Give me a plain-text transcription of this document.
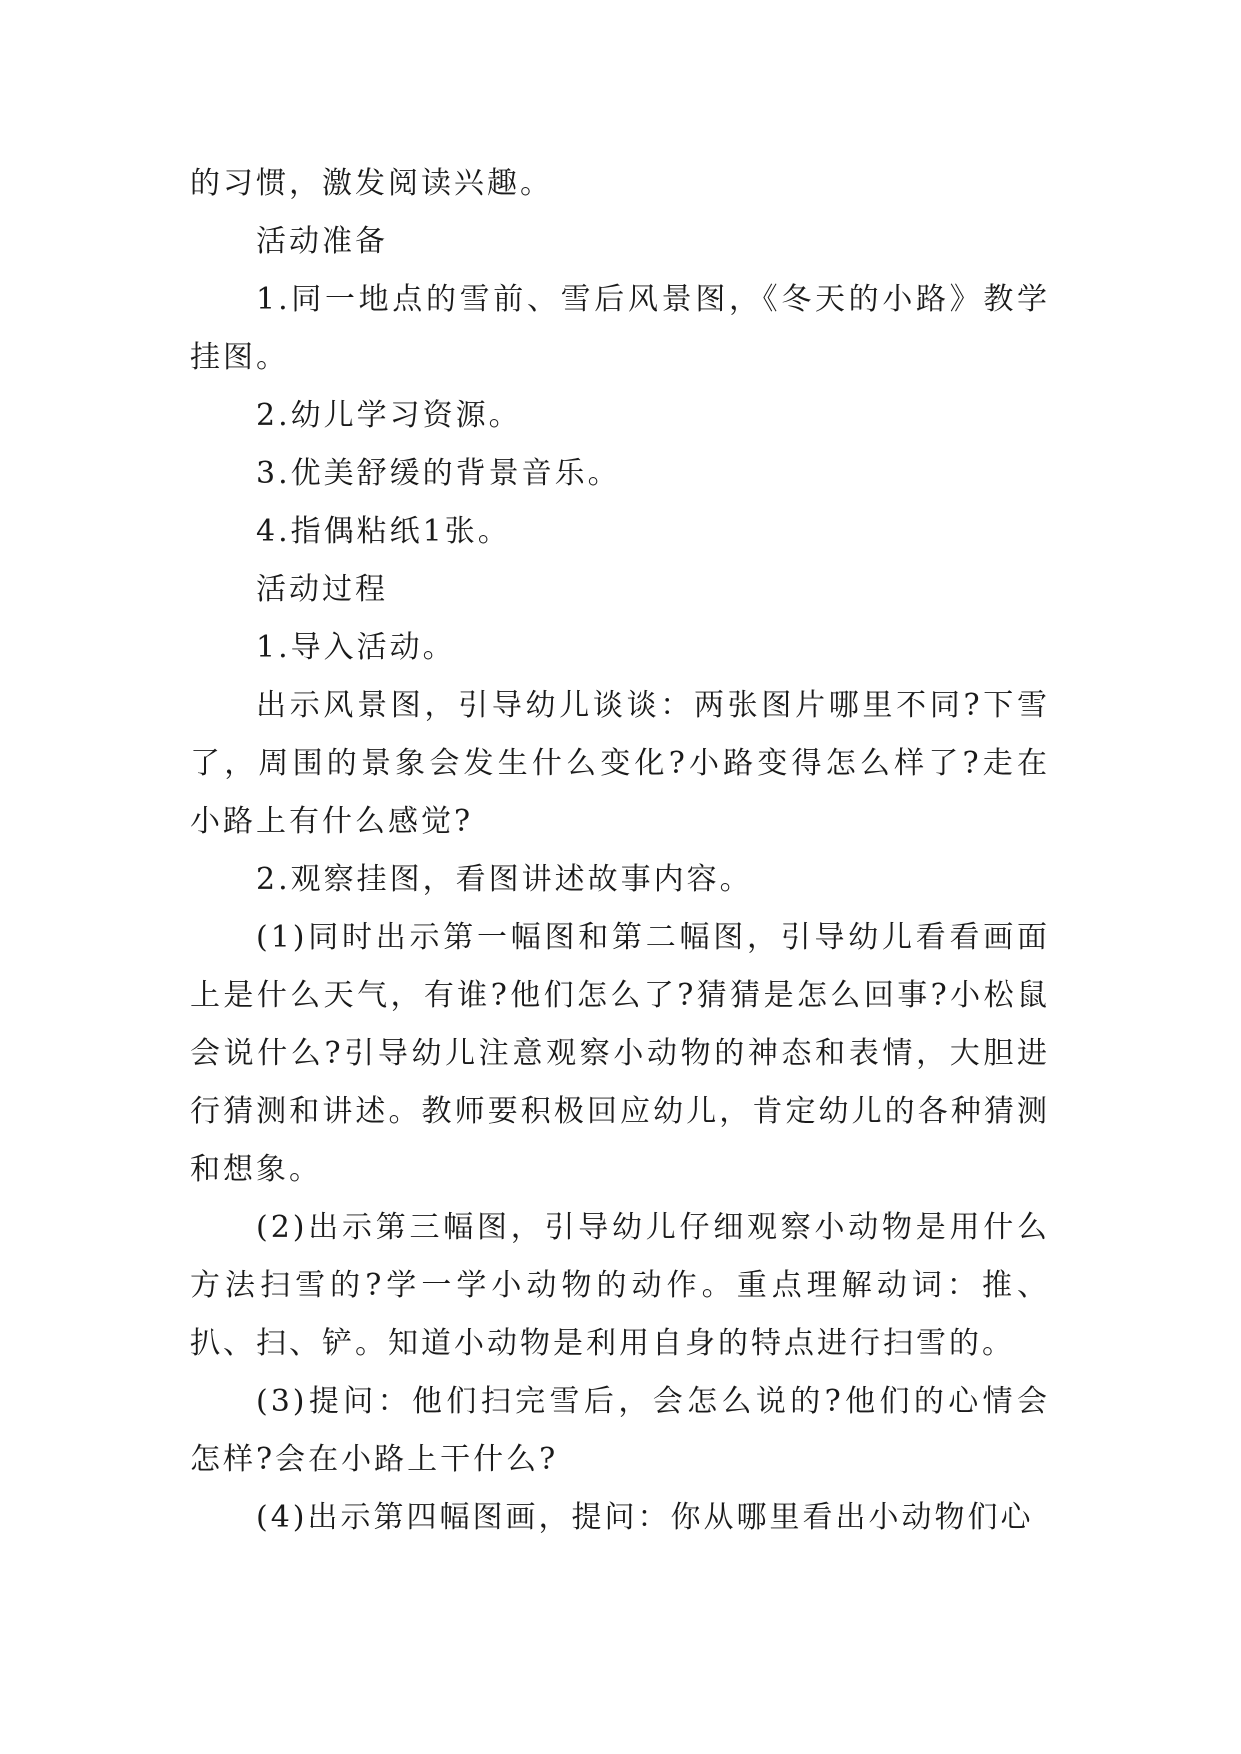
的习惯，激发阅读兴趣。

活动准备

1.同一地点的雪前、雪后风景图，《冬天的小路》教学挂图。

2.幼儿学习资源。

3.优美舒缓的背景音乐。

4.指偶粘纸1张。

活动过程

1.导入活动。

出示风景图，引导幼儿谈谈：两张图片哪里不同?下雪了，周围的景象会发生什么变化?小路变得怎么样了?走在小路上有什么感觉?

2.观察挂图，看图讲述故事内容。

(1)同时出示第一幅图和第二幅图，引导幼儿看看画面上是什么天气，有谁?他们怎么了?猜猜是怎么回事?小松鼠会说什么?引导幼儿注意观察小动物的神态和表情，大胆进行猜测和讲述。教师要积极回应幼儿，肯定幼儿的各种猜测和想象。

(2)出示第三幅图，引导幼儿仔细观察小动物是用什么方法扫雪的?学一学小动物的动作。重点理解动词：推、扒、扫、铲。知道小动物是利用自身的特点进行扫雪的。

(3)提问：他们扫完雪后，会怎么说的?他们的心情会怎样?会在小路上干什么?

(4)出示第四幅图画，提问：你从哪里看出小动物们心
